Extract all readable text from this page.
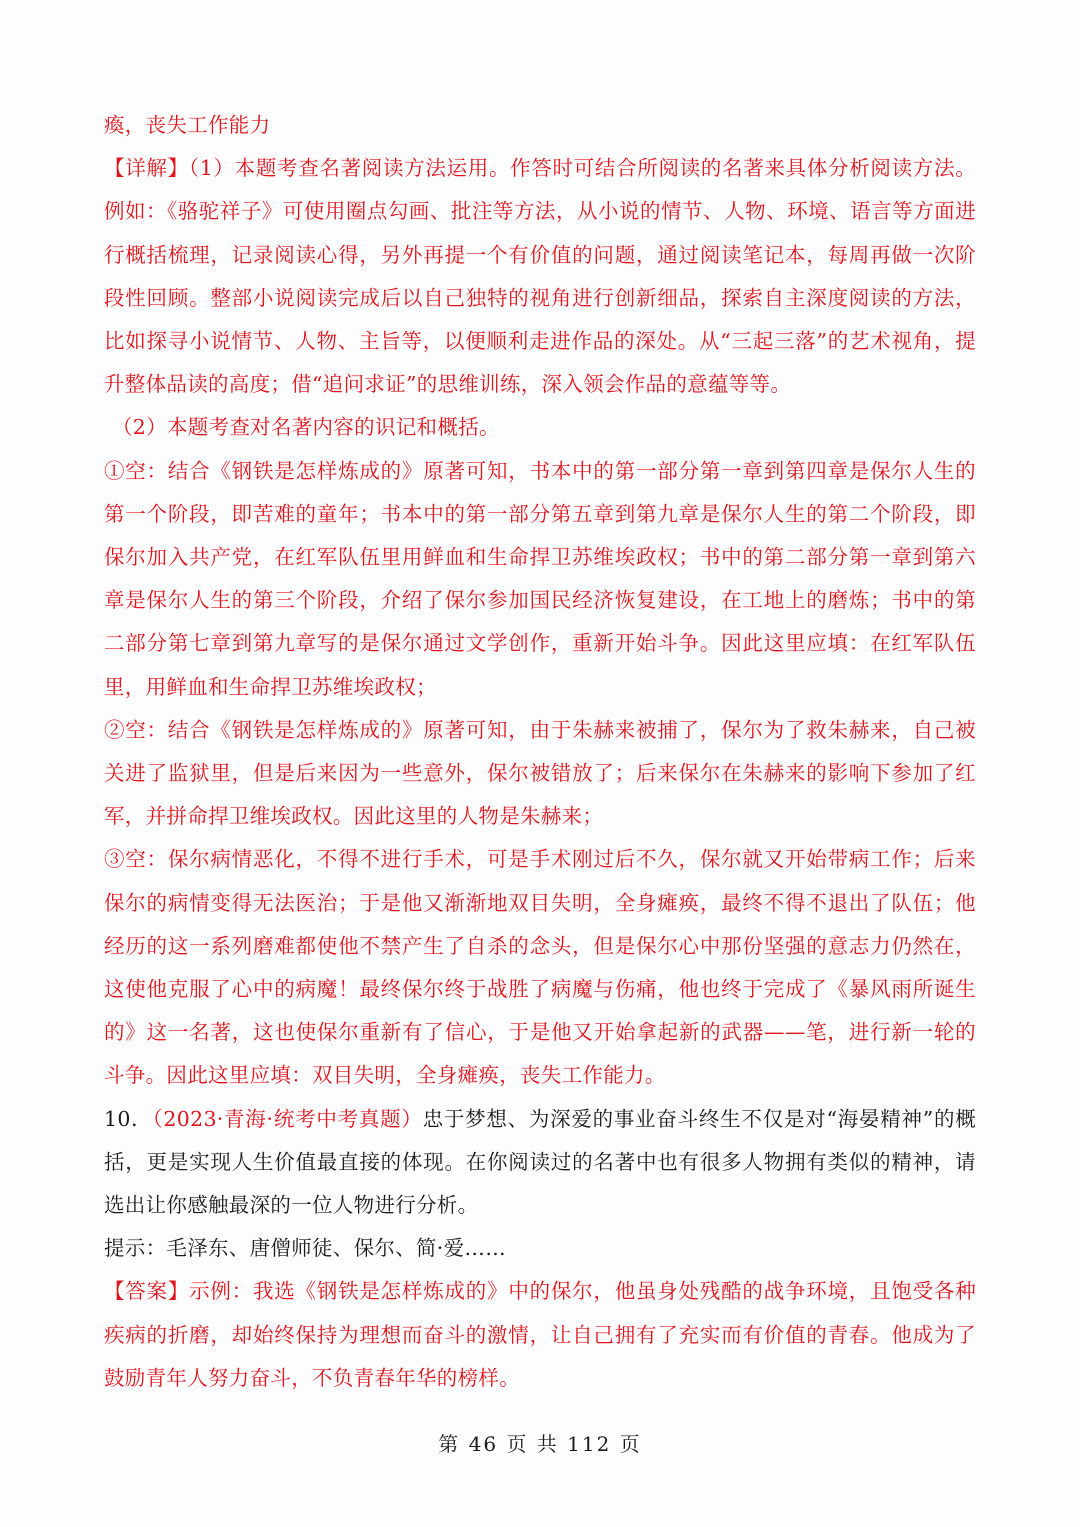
瘓，丧失工作能力

【详解】（1）本题考查名著阅读方法运用。作答时可结合所阅读的名著来具体分析阅读方法。例如：《骆驼祥子》可使用圈点勾画、批注等方法，从小说的情节、人物、环境、语言等方面进行概括梳理，记录阅读心得，另外再提一个有价值的问题，通过阅读笔记本，每周再做一次阶段性回顾。整部小说阅读完成后以自己独特的视角进行创新细品，探索自主深度阅读的方法，比如探寻小说情节、人物、主旨等，以便顺利走进作品的深处。从“三起三落”的艺术视角，提升整体品读的高度；借“追问求证”的思维训练，深入领会作品的意蕴等等。

（2）本题考查对名著内容的识记和概括。

①空：结合《钢铁是怎样炼成的》原著可知，书本中的第一部分第一章到第四章是保尔人生的第一个阶段，即苦难的童年；书本中的第一部分第五章到第九章是保尔人生的第二个阶段，即保尔加入共产党，在红军队伍里用鲜血和生命捍卫苏维埃政权；书中的第二部分第一章到第六章是保尔人生的第三个阶段，介绍了保尔参加国民经济恢复建设，在工地上的磨炼；书中的第二部分第七章到第九章写的是保尔通过文学创作，重新开始斗争。因此这里应填：在红军队伍里，用鲜血和生命捍卫苏维埃政权；

②空：结合《钢铁是怎样炼成的》原著可知，由于朱赫来被捕了，保尔为了救朱赫来，自己被关进了监狱里，但是后来因为一些意外，保尔被错放了；后来保尔在朱赫来的影响下参加了红军，并拼命捍卫维埃政权。因此这里的人物是朱赫来；

③空：保尔病情恶化，不得不进行手术，可是手术刚过后不久，保尔就又开始带病工作；后来保尔的病情变得无法医治；于是他又渐渐地双目失明，全身瘫痪，最终不得不退出了队伍；他经历的这一系列磨难都使他不禁产生了自杀的念头，但是保尔心中那份坚强的意志力仍然在，这使他克服了心中的病魔！最终保尔终于战胜了病魔与伤痛，他也终于完成了《暴风雨所诞生的》这一名著，这也使保尔重新有了信心，于是他又开始拿起新的武器——笔，进行新一轮的斗争。因此这里应填：双目失明，全身瘫痪，丧失工作能力。

10．（2023·青海·统考中考真题）忠于梦想、为深爱的事业奋斗终生不仅是对“海晏精神”的概括，更是实现人生价值最直接的体现。在你阅读过的名著中也有很多人物拥有类似的精神，请选出让你感触最深的一位人物进行分析。

提示：毛泽东、唐僧师徒、保尔、简·爱……

【答案】示例：我选《钢铁是怎样炼成的》中的保尔，他虽身处残酷的战争环境，且饱受各种疾病的折磨，却始终保持为理想而奋斗的激情，让自己拥有了充实而有价值的青春。他成为了鼓励青年人努力奋斗，不负青春年华的榜样。

第 46 页 共 112 页
